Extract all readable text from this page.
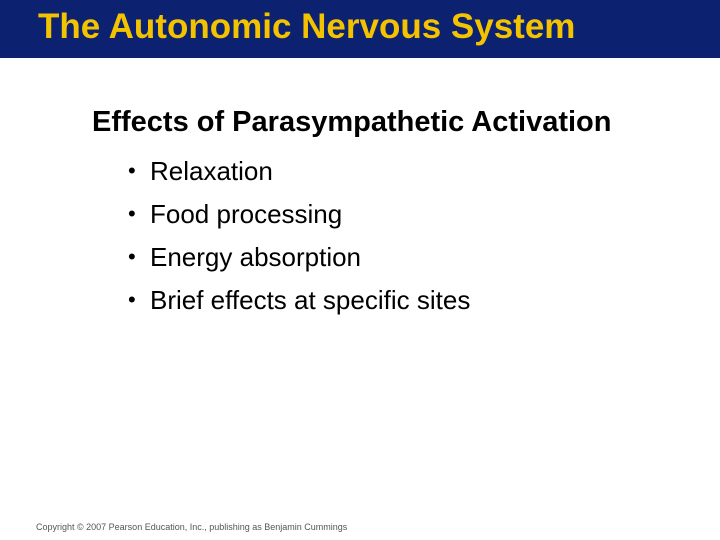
The Autonomic Nervous System
Effects of Parasympathetic Activation
• Relaxation
• Food processing
• Energy absorption
• Brief effects at specific sites

Copyright © 2007 Pearson Education, Inc., publishing as Benjamin Cummings
